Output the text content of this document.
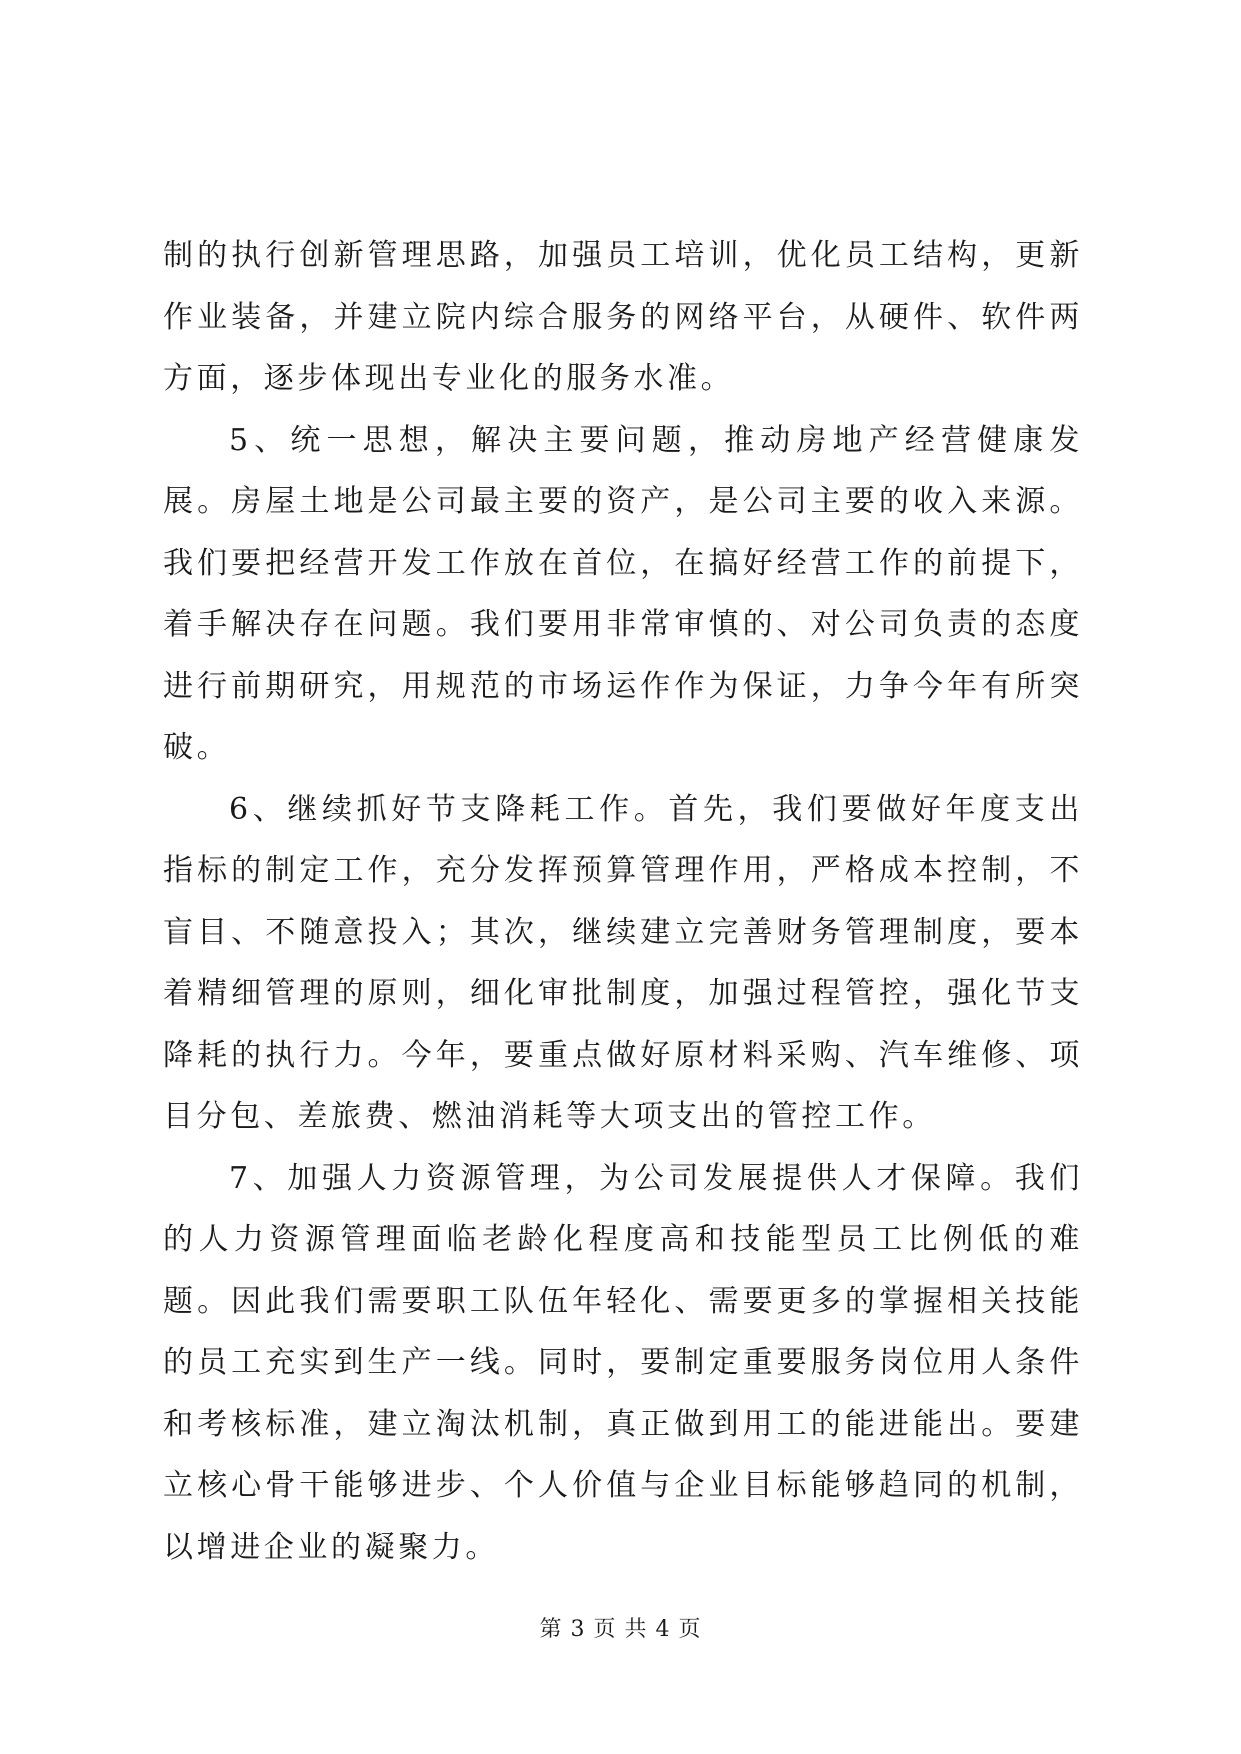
制的执行创新管理思路，加强员工培训，优化员工结构，更新作业装备，并建立院内综合服务的网络平台，从硬件、软件两方面，逐步体现出专业化的服务水准。

5、统一思想，解决主要问题，推动房地产经营健康发展。房屋土地是公司最主要的资产，是公司主要的收入来源。我们要把经营开发工作放在首位，在搞好经营工作的前提下，着手解决存在问题。我们要用非常审慎的、对公司负责的态度进行前期研究，用规范的市场运作作为保证，力争今年有所突破。

6、继续抓好节支降耗工作。首先，我们要做好年度支出指标的制定工作，充分发挥预算管理作用，严格成本控制，不盲目、不随意投入；其次，继续建立完善财务管理制度，要本着精细管理的原则，细化审批制度，加强过程管控，强化节支降耗的执行力。今年，要重点做好原材料采购、汽车维修、项目分包、差旅费、燃油消耗等大项支出的管控工作。

7、加强人力资源管理，为公司发展提供人才保障。我们的人力资源管理面临老龄化程度高和技能型员工比例低的难题。因此我们需要职工队伍年轻化、需要更多的掌握相关技能的员工充实到生产一线。同时，要制定重要服务岗位用人条件和考核标准，建立淘汰机制，真正做到用工的能进能出。要建立核心骨干能够进步、个人价值与企业目标能够趋同的机制，以增进企业的凝聚力。

第 3 页 共 4 页
